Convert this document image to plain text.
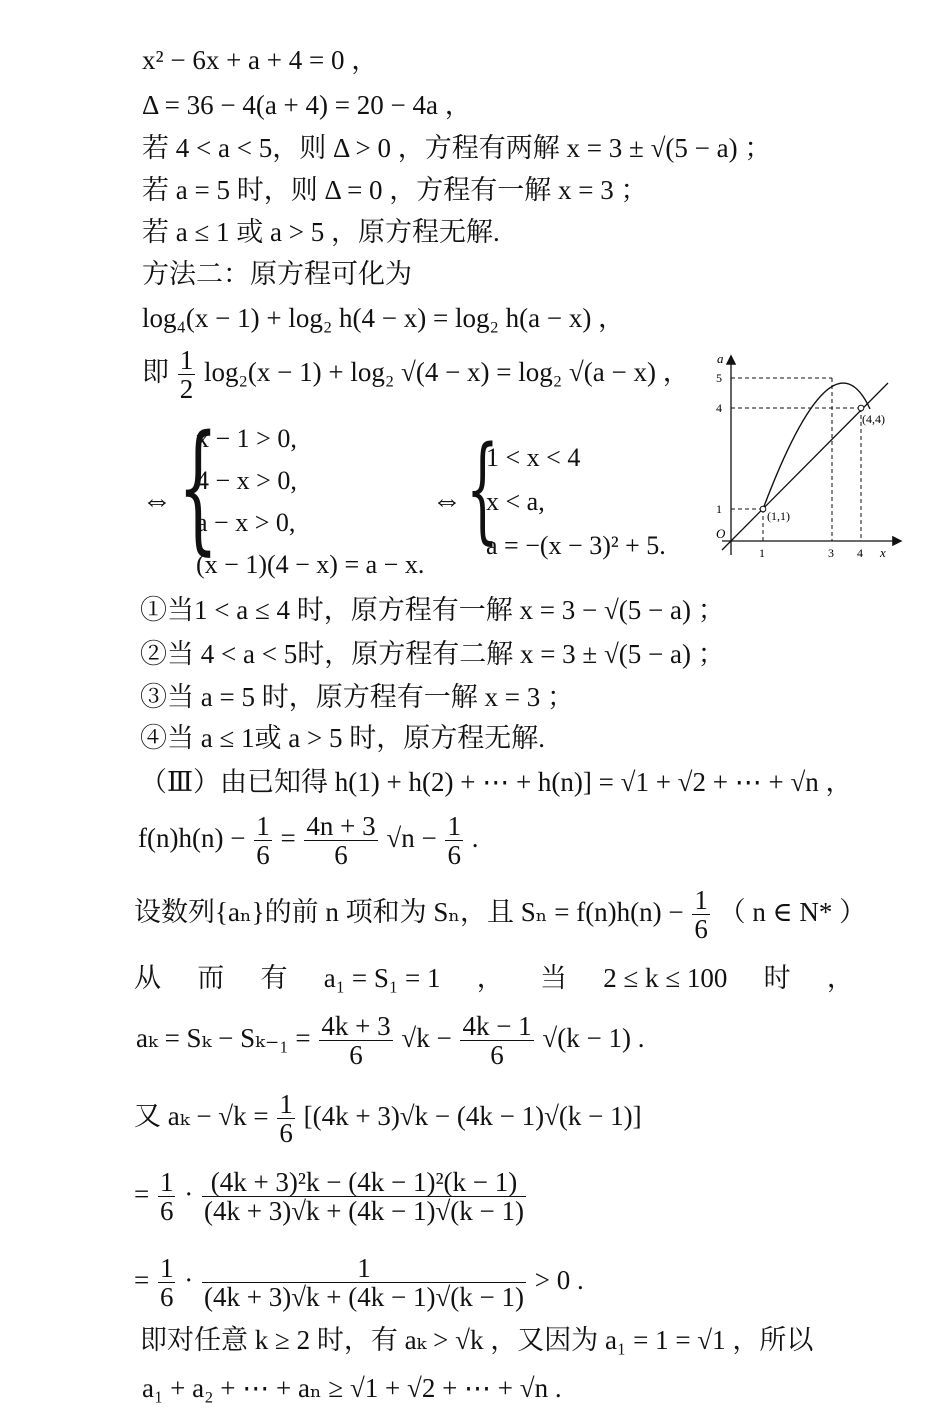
x² − 6x + a + 4 = 0 ，
Δ = 36 − 4(a + 4) = 20 − 4a ，
若 4 < a < 5，则 Δ > 0 ，方程有两解 x = 3 ± √(5 − a) ；
若 a = 5 时，则 Δ = 0 ，方程有一解 x = 3 ；
若 a ≤ 1 或 a > 5 ，原方程无解.
方法二：原方程可化为
log₄(x − 1) + log₂ h(4 − x) = log₂ h(a − x) ，
即 $\frac{1}{2} \log_2(x - 1) + \log_2$ √(4 − x) = log₂ √(a − x) ，
⇔ {
x − 1 > 0,
4 − x > 0,
a − x > 0,
(x − 1)(4 − x) = a − x.
⇔ {
1 < x < 4
x < a,
a = −(x − 3)² + 5.
a
x
O
1	3 4
1
4
5
(1,1)
(4,4)
①当1 < a ≤ 4 时，原方程有一解 x = 3 − √(5 − a) ；
②当 4 < a < 5时，原方程有二解 x = 3 ± √(5 − a) ；
③当 a = 5 时，原方程有一解 x = 3 ；
④当 a ≤ 1或 a > 5 时，原方程无解.
（Ⅲ）由已知得 h(1) + h(2) + ⋯ + h(n)] = √1 + √2 + ⋯ + √n ，
$f(n)h(n) - \frac{1}{6} = \frac{4n + 3}{6} √n - \frac{1}{6}$ .
设数列{aₙ}的前 n 项和为 Sₙ，且 $S_n = f(n)h(n) - \frac{1}{6}$ （ n ∈ N* ）
从 而 有 a₁ = S₁ = 1 ， 当 2 ≤ k ≤ 100 时 ，
$a_k = S_k - S_{k-1} = \frac{4k + 3}{6} √k - \frac{4k - 1}{6} √(k - 1)$ .
又 $a_k - √k = \frac{1}{6} [(4k + 3)√k - (4k - 1)√(k - 1)]$
= $\frac{1}{6} \cdot \frac{\text{(4k + 3)²k − (4k − 1)²(k − 1)}}{(4k + 3)√k + (4k - 1)√(k - 1)}$
= $\frac{1}{6} \cdot \frac{1}{(4k + 3)√k + (4k - 1)√(k - 1)} > 0$ .
即对任意 k ≥ 2 时，有 aₖ > √k ，又因为 a₁ = 1 = √1 ，所以
a₁ + a₂ + ⋯ + aₙ ≥ √1 + √2 + ⋯ + √n .
